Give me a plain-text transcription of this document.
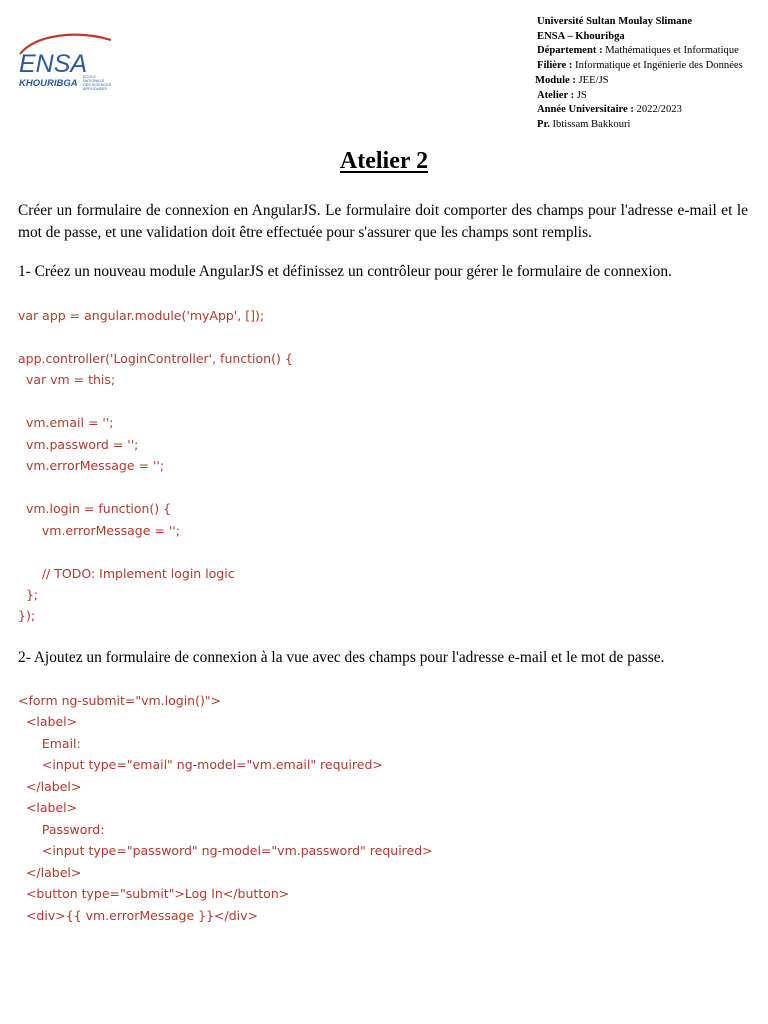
ENSA
KHOURIBGA
ECOLE
NATIONALE
DES SCIENCES
APPLIQUEES
Université Sultan Moulay Slimane
ENSA – Khouribga
Département : Mathématiques et Informatique
Filière : Informatique et Ingénierie des Données
Module : JEE/JS
Atelier : JS
Année Universitaire : 2022/2023
Pr. Ibtissam Bakkouri
Atelier 2
Créer un formulaire de connexion en AngularJS. Le formulaire doit comporter des champs pour l'adresse e-mail et le mot de passe, et une validation doit être effectuée pour s'assurer que les champs sont remplis.
1- Créez un nouveau module AngularJS et définissez un contrôleur pour gérer le formulaire de connexion.
var app = angular.module('myApp', []);
app.controller('LoginController', function() {
var vm = this;

vm.email = '';
vm.password = '';
vm.errorMessage = '';

vm.login = function() {
vm.errorMessage = '';

// TODO: Implement login logic
};
});
2- Ajoutez un formulaire de connexion à la vue avec des champs pour l'adresse e-mail et le mot de passe.
<form ng-submit="vm.login()">
<label>
Email:
<input type="email" ng-model="vm.email" required>
</label>
<label>
Password:
<input type="password" ng-model="vm.password" required>
</label>
<button type="submit">Log In</button>
<div>{{ vm.errorMessage }}</div>
